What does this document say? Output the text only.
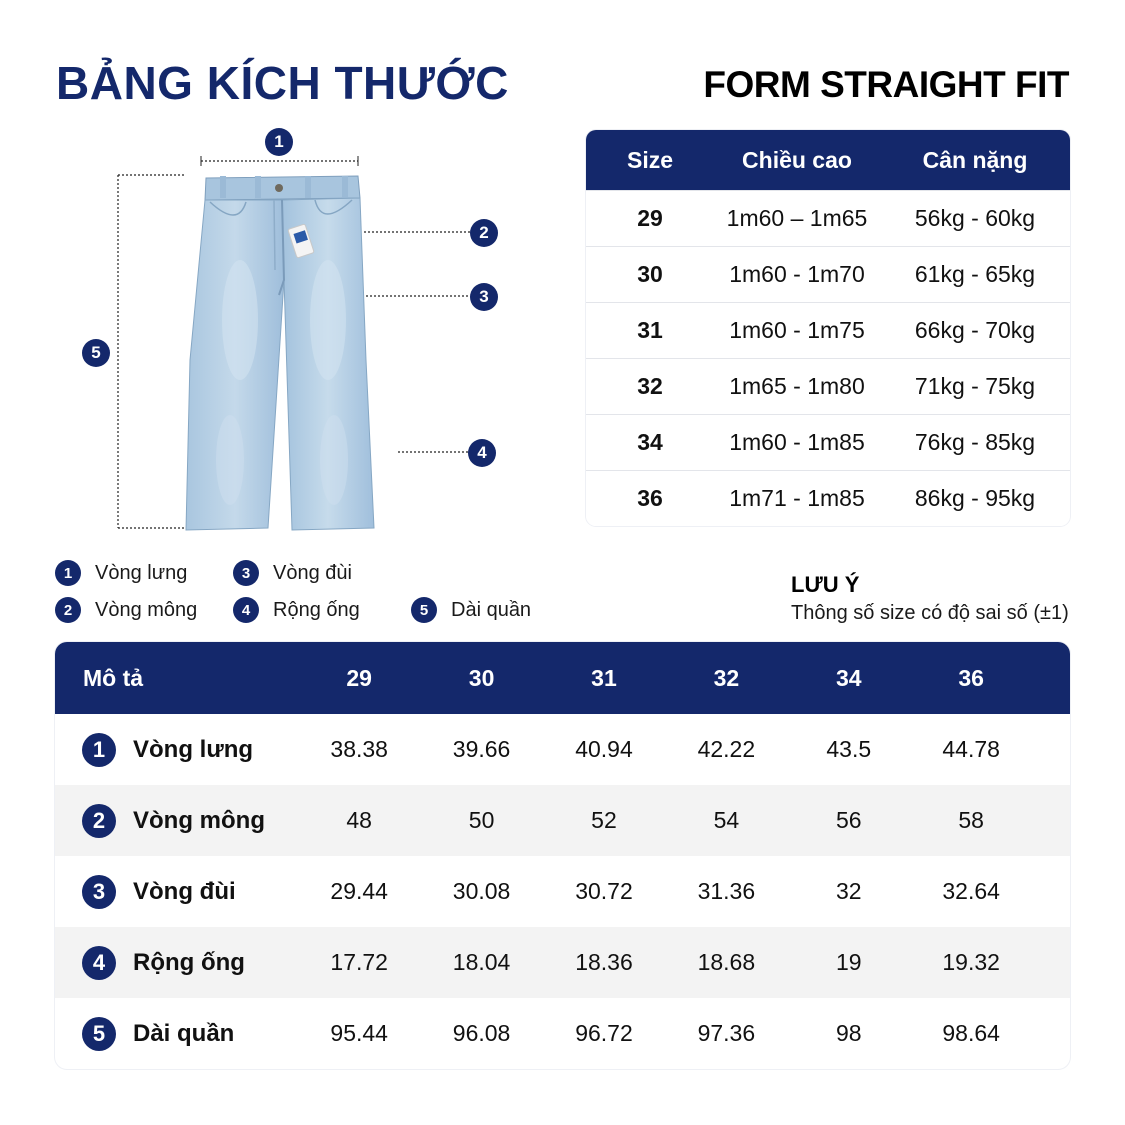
BẢNG KÍCH THƯỚC	FORM STRAIGHT FIT
1
2
3
4
5
Size	Chiều cao	Cân nặng
29	1m60 – 1m65	56kg - 60kg
30	1m60 - 1m70	61kg - 65kg
31	1m60 - 1m75	66kg - 70kg
32	1m65 - 1m80	71kg - 75kg
34	1m60 - 1m85	76kg - 85kg
36	1m71 - 1m85	86kg - 95kg
1	Vòng lưng	3	Vòng đùi
2	Vòng mông	4	Rộng ống	5	Dài quần
LƯU Ý
Thông số size có độ sai số (±1)
Mô tả	29	30	31	32	34	36
1	Vòng lưng	38.38	39.66	40.94	42.22	43.5	44.78
2	Vòng mông	48	50	52	54	56	58
3	Vòng đùi	29.44	30.08	30.72	31.36	32	32.64
4	Rộng ống	17.72	18.04	18.36	18.68	19	19.32
5	Dài quần	95.44	96.08	96.72	97.36	98	98.64
